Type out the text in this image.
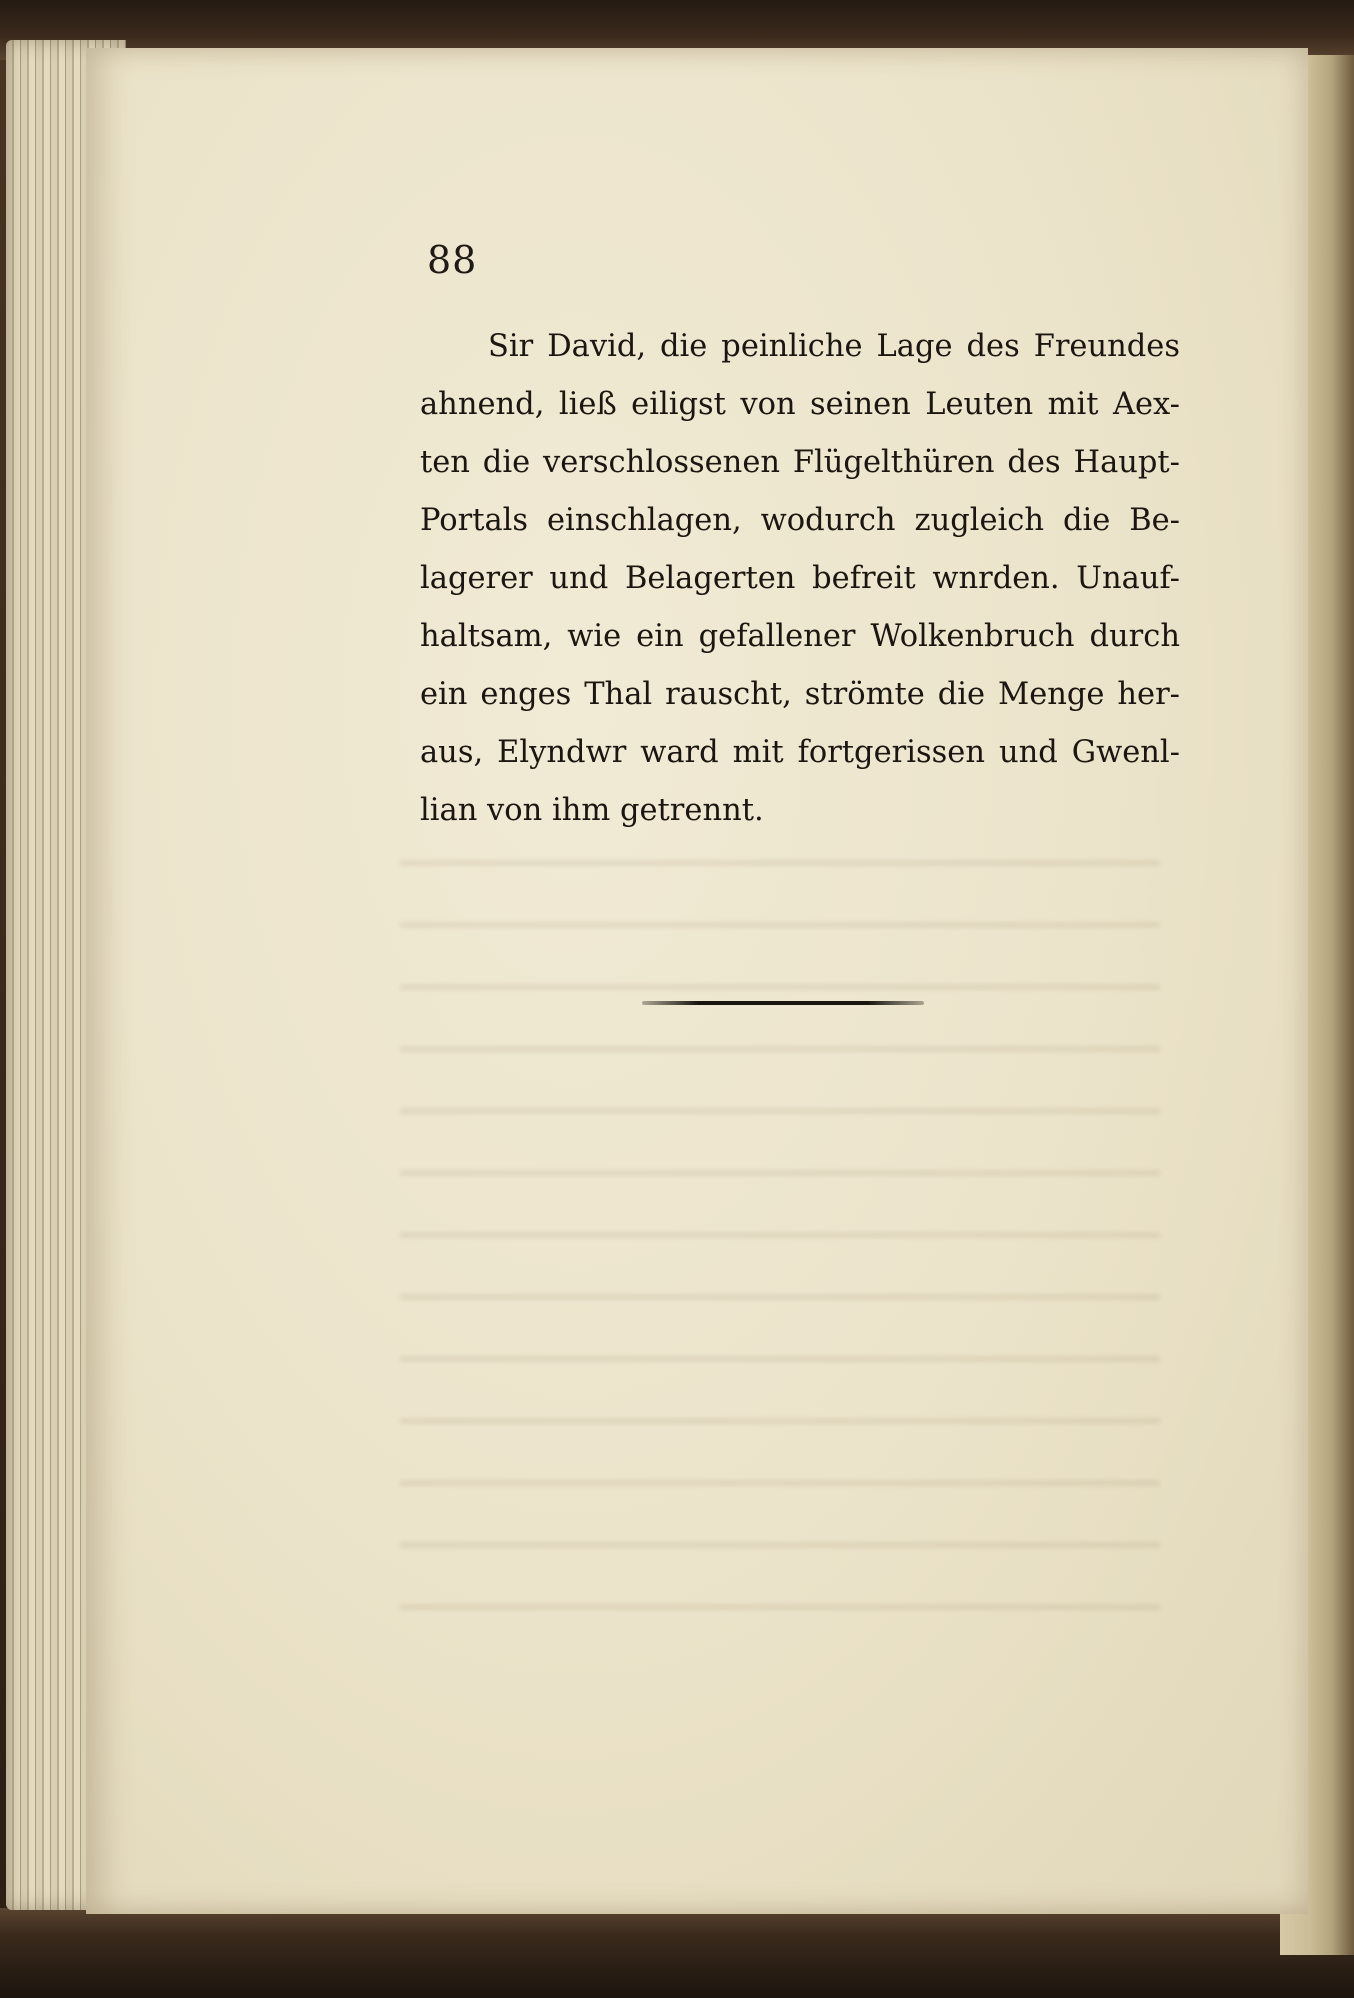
88
Sir David, die peinliche Lage des Freundes
ahnend, ließ eiligst von seinen Leuten mit Aex-
ten die verschlossenen Flügelthüren des Haupt-
Portals einschlagen, wodurch zugleich die Be-
lagerer und Belagerten befreit wnrden. Unauf-
haltsam, wie ein gefallener Wolkenbruch durch
ein enges Thal rauscht, strömte die Menge her-
aus, Elyndwr ward mit fortgerissen und Gwenl-
lian von ihm getrennt.
